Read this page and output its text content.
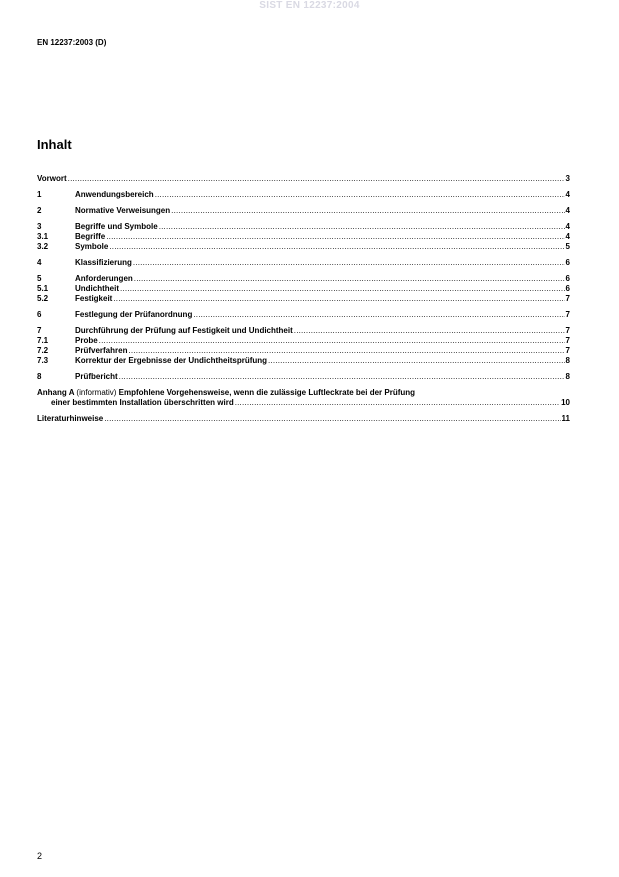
SIST EN 12237:2004
EN 12237:2003 (D)
Inhalt
Vorwort .....	3
1	Anwendungsbereich .....	4
2	Normative Verweisungen .....	4
3	Begriffe und Symbole .....	4
3.1	Begriffe .....	4
3.2	Symbole .....	5
4	Klassifizierung .....	6
5	Anforderungen .....	6
5.1	Undichtheit .....	6
5.2	Festigkeit .....	7
6	Festlegung der Prüfanordnung .....	7
7	Durchführung der Prüfung auf Festigkeit und Undichtheit .....	7
7.1	Probe .....	7
7.2	Prüfverfahren .....	7
7.3	Korrektur der Ergebnisse der Undichtheitsprüfung .....	8
8	Prüfbericht .....	8
Anhang A (informativ) Empfohlene Vorgehensweise, wenn die zulässige Luftleckrate bei der Prüfung
einer bestimmten Installation überschritten wird .....	10
Literaturhinweise .....	11
2
